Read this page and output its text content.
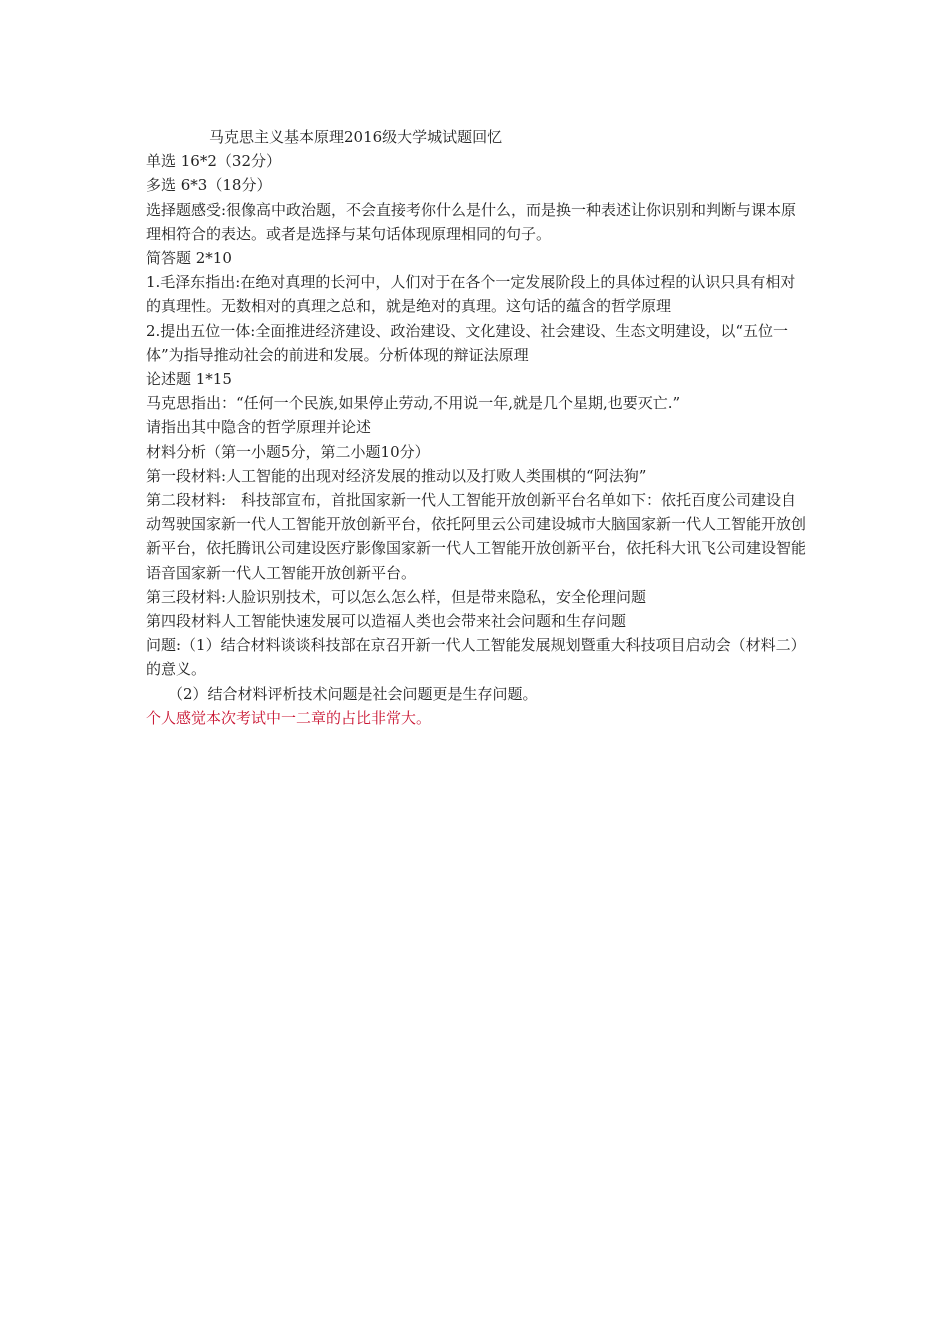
马克思主义基本原理2016级大学城试题回忆

单选 16*2（32分）

多选 6*3（18分）

选择题感受:很像高中政治题，不会直接考你什么是什么，而是换一种表述让你识别和判断与课本原理相符合的表达。或者是选择与某句话体现原理相同的句子。

简答题 2*10

1.毛泽东指出:在绝对真理的长河中，人们对于在各个一定发展阶段上的具体过程的认识只具有相对的真理性。无数相对的真理之总和，就是绝对的真理。这句话的蕴含的哲学原理

2.提出五位一体:全面推进经济建设、政治建设、文化建设、社会建设、生态文明建设，以“五位一体”为指导推动社会的前进和发展。分析体现的辩证法原理

论述题 1*15

马克思指出：“任何一个民族,如果停止劳动,不用说一年,就是几个星期,也要灭亡.”

请指出其中隐含的哲学原理并论述

材料分析（第一小题5分，第二小题10分）

第一段材料:人工智能的出现对经济发展的推动以及打败人类围棋的“阿法狗”

第二段材料:　科技部宣布，首批国家新一代人工智能开放创新平台名单如下：依托百度公司建设自动驾驶国家新一代人工智能开放创新平台，依托阿里云公司建设城市大脑国家新一代人工智能开放创新平台，依托腾讯公司建设医疗影像国家新一代人工智能开放创新平台，依托科大讯飞公司建设智能语音国家新一代人工智能开放创新平台。

第三段材料:人脸识别技术，可以怎么怎么样，但是带来隐私，安全伦理问题

第四段材料人工智能快速发展可以造福人类也会带来社会问题和生存问题

问题:（1）结合材料谈谈科技部在京召开新一代人工智能发展规划暨重大科技项目启动会（材料二）的意义。

（2）结合材料评析技术问题是社会问题更是生存问题。

个人感觉本次考试中一二章的占比非常大。
